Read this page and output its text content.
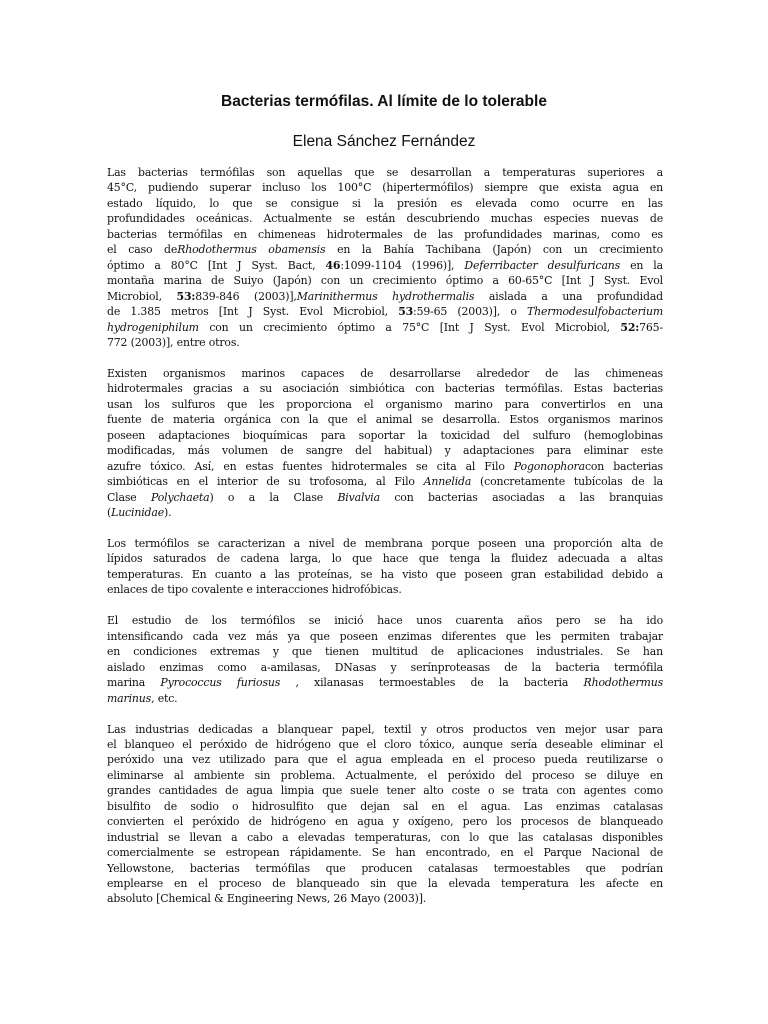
Bacterias termófilas. Al límite de lo tolerable
Elena Sánchez Fernández
Las bacterias termófilas son aquellas que se desarrollan a temperaturas superiores a
45°C, pudiendo superar incluso los 100°C (hipertermófilos) siempre que exista agua en
estado líquido, lo que se consigue si la presión es elevada como ocurre en las
profundidades oceánicas. Actualmente se están descubriendo muchas especies nuevas de
bacterias termófilas en chimeneas hidrotermales de las profundidades marinas, como es
el caso deRhodothermus obamensis en la Bahía Tachibana (Japón) con un crecimiento
óptimo a 80°C [Int J Syst. Bact, 46:1099-1104 (1996)], Deferribacter desulfuricans en la
montaña marina de Suiyo (Japón) con un crecimiento óptimo a 60-65°C [Int J Syst. Evol
Microbiol, 53:839-846 (2003)],Marinithermus hydrothermalis aislada a una profundidad
de 1.385 metros [Int J Syst. Evol Microbiol, 53:59-65 (2003)], o Thermodesulfobacterium
hydrogeniphilum con un crecimiento óptimo a 75°C [Int J Syst. Evol Microbiol, 52:765-
772 (2003)], entre otros.
Existen organismos marinos capaces de desarrollarse alrededor de las chimeneas
hidrotermales gracias a su asociación simbiótica con bacterias termófilas. Estas bacterias
usan los sulfuros que les proporciona el organismo marino para convertirlos en una
fuente de materia orgánica con la que el animal se desarrolla. Estos organismos marinos
poseen adaptaciones bioquímicas para soportar la toxicidad del sulfuro (hemoglobinas
modificadas, más volumen de sangre del habitual) y adaptaciones para eliminar este
azufre tóxico. Así, en estas fuentes hidrotermales se cita al Filo Pogonophoracon bacterias
simbióticas en el interior de su trofosoma, al Filo Annelida (concretamente tubícolas de la
Clase Polychaeta) o a la Clase Bivalvia con bacterias asociadas a las branquias
(Lucinidae).
Los termófilos se caracterizan a nivel de membrana porque poseen una proporción alta de
lípidos saturados de cadena larga, lo que hace que tenga la fluidez adecuada a altas
temperaturas. En cuanto a las proteínas, se ha visto que poseen gran estabilidad debido a
enlaces de tipo covalente e interacciones hidrofóbicas.
El estudio de los termófilos se inició hace unos cuarenta años pero se ha ido
intensificando cada vez más ya que poseen enzimas diferentes que les permiten trabajar
en condiciones extremas y que tienen multitud de aplicaciones industriales. Se han
aislado enzimas como a-amilasas, DNasas y serínproteasas de la bacteria termófila
marina Pyrococcus furiosus , xilanasas termoestables de la bacteria Rhodothermus
marinus, etc.
Las industrias dedicadas a blanquear papel, textil y otros productos ven mejor usar para
el blanqueo el peróxido de hidrógeno que el cloro tóxico, aunque sería deseable eliminar el
peróxido una vez utilizado para que el agua empleada en el proceso pueda reutilizarse o
eliminarse al ambiente sin problema. Actualmente, el peróxido del proceso se diluye en
grandes cantidades de agua limpia que suele tener alto coste o se trata con agentes como
bisulfito de sodio o hidrosulfito que dejan sal en el agua. Las enzimas catalasas
convierten el peróxido de hidrógeno en agua y oxígeno, pero los procesos de blanqueado
industrial se llevan a cabo a elevadas temperaturas, con lo que las catalasas disponibles
comercialmente se estropean rápidamente. Se han encontrado, en el Parque Nacional de
Yellowstone, bacterias termófilas que producen catalasas termoestables que podrían
emplearse en el proceso de blanqueado sin que la elevada temperatura les afecte en
absoluto [Chemical & Engineering News, 26 Mayo (2003)].
